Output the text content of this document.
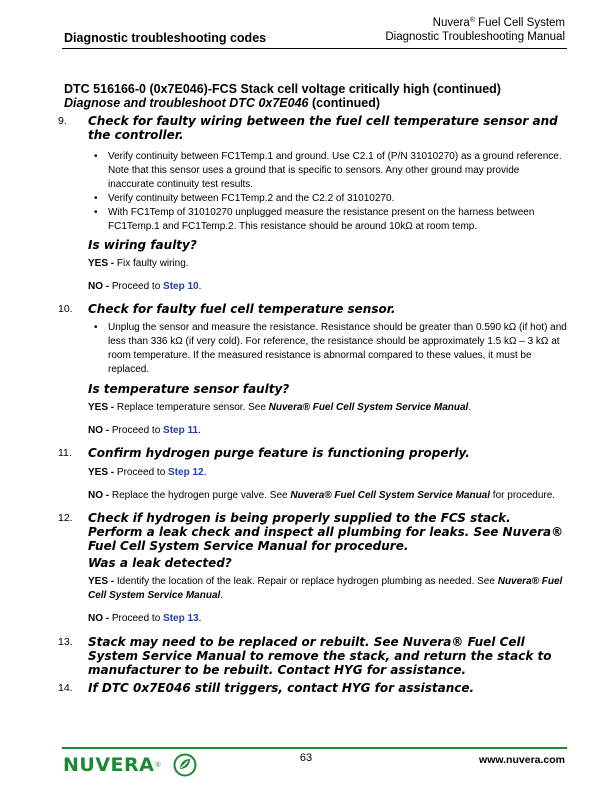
Diagnostic troubleshooting codes
Nuvera® Fuel Cell System
Diagnostic Troubleshooting Manual
DTC 516166-0 (0x7E046)-FCS Stack cell voltage critically high (continued)
Diagnose and troubleshoot DTC 0x7E046 (continued)
9. Check for faulty wiring between the fuel cell temperature sensor and the controller.
• Verify continuity between FC1Temp.1 and ground. Use C2.1 of (P/N 31010270) as a ground reference. Note that this sensor uses a ground that is specific to sensors. Any other ground may provide inaccurate continuity test results.
• Verify continuity between FC1Temp.2 and the C2.2 of 31010270.
• With FC1Temp of 31010270 unplugged measure the resistance present on the harness between FC1Temp.1 and FC1Temp.2. This resistance should be around 10kΩ at room temp.
Is wiring faulty?
YES - Fix faulty wiring.
NO - Proceed to Step 10.
10. Check for faulty fuel cell temperature sensor.
• Unplug the sensor and measure the resistance. Resistance should be greater than 0.590 kΩ (if hot) and less than 336 kΩ (if very cold). For reference, the resistance should be approximately 1.5 kΩ – 3 kΩ at room temperature. If the measured resistance is abnormal compared to these values, it must be replaced.
Is temperature sensor faulty?
YES - Replace temperature sensor. See Nuvera® Fuel Cell System Service Manual.
NO - Proceed to Step 11.
11. Confirm hydrogen purge feature is functioning properly.
YES - Proceed to Step 12.
NO - Replace the hydrogen purge valve. See Nuvera® Fuel Cell System Service Manual for procedure.
12. Check if hydrogen is being properly supplied to the FCS stack. Perform a leak check and inspect all plumbing for leaks. See Nuvera® Fuel Cell System Service Manual for procedure.
Was a leak detected?
YES - Identify the location of the leak. Repair or replace hydrogen plumbing as needed. See Nuvera® Fuel Cell System Service Manual.
NO - Proceed to Step 13.
13. Stack may need to be replaced or rebuilt. See Nuvera® Fuel Cell System Service Manual to remove the stack, and return the stack to manufacturer to be rebuilt. Contact HYG for assistance.
14. If DTC 0x7E046 still triggers, contact HYG for assistance.
NUVERA ®
63	www.nuvera.com
